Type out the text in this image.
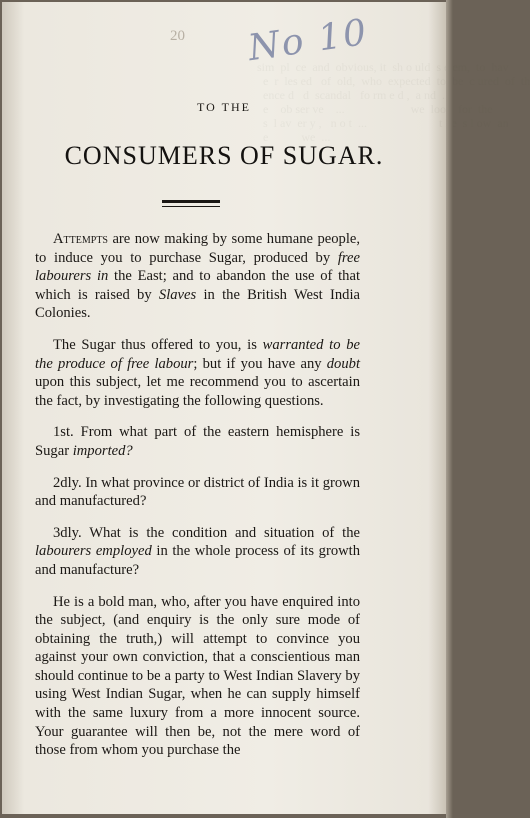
sim  pl  ce  and  obvious, it  sh o uld  s  em,  to  hav
e  r  les ed   of  old,  who  expected  to  be  c ured  of  th
ence d   d  scandal   fo rm e d ,  a nd
e    ob ser ve    ...                      we  look  for  the
s  l av  er y ,   n o t  ...                        t   s l ow  an
e           we  ...
20 No 10
TO THE
CONSUMERS OF SUGAR.

Attempts are now making by some humane people, to induce you to purchase Sugar, produced by free labourers in the East; and to abandon the use of that which is raised by Slaves in the British West India Colonies.

The Sugar thus offered to you, is warranted to be the produce of free labour; but if you have any doubt upon this subject, let me recommend you to ascertain the fact, by investigating the following questions.

1st. From what part of the eastern hemisphere is Sugar imported?

2dly. In what province or district of India is it grown and manufactured?

3dly. What is the condition and situation of the labourers employed in the whole process of its growth and manufacture?

He is a bold man, who, after you have enquired into the subject, (and enquiry is the only sure mode of obtaining the truth,) will attempt to convince you against your own conviction, that a conscientious man should continue to be a party to West Indian Slavery by using West Indian Sugar, when he can supply himself with the same luxury from a more innocent source. Your guarantee will then be, not the mere word of those from whom you purchase the
